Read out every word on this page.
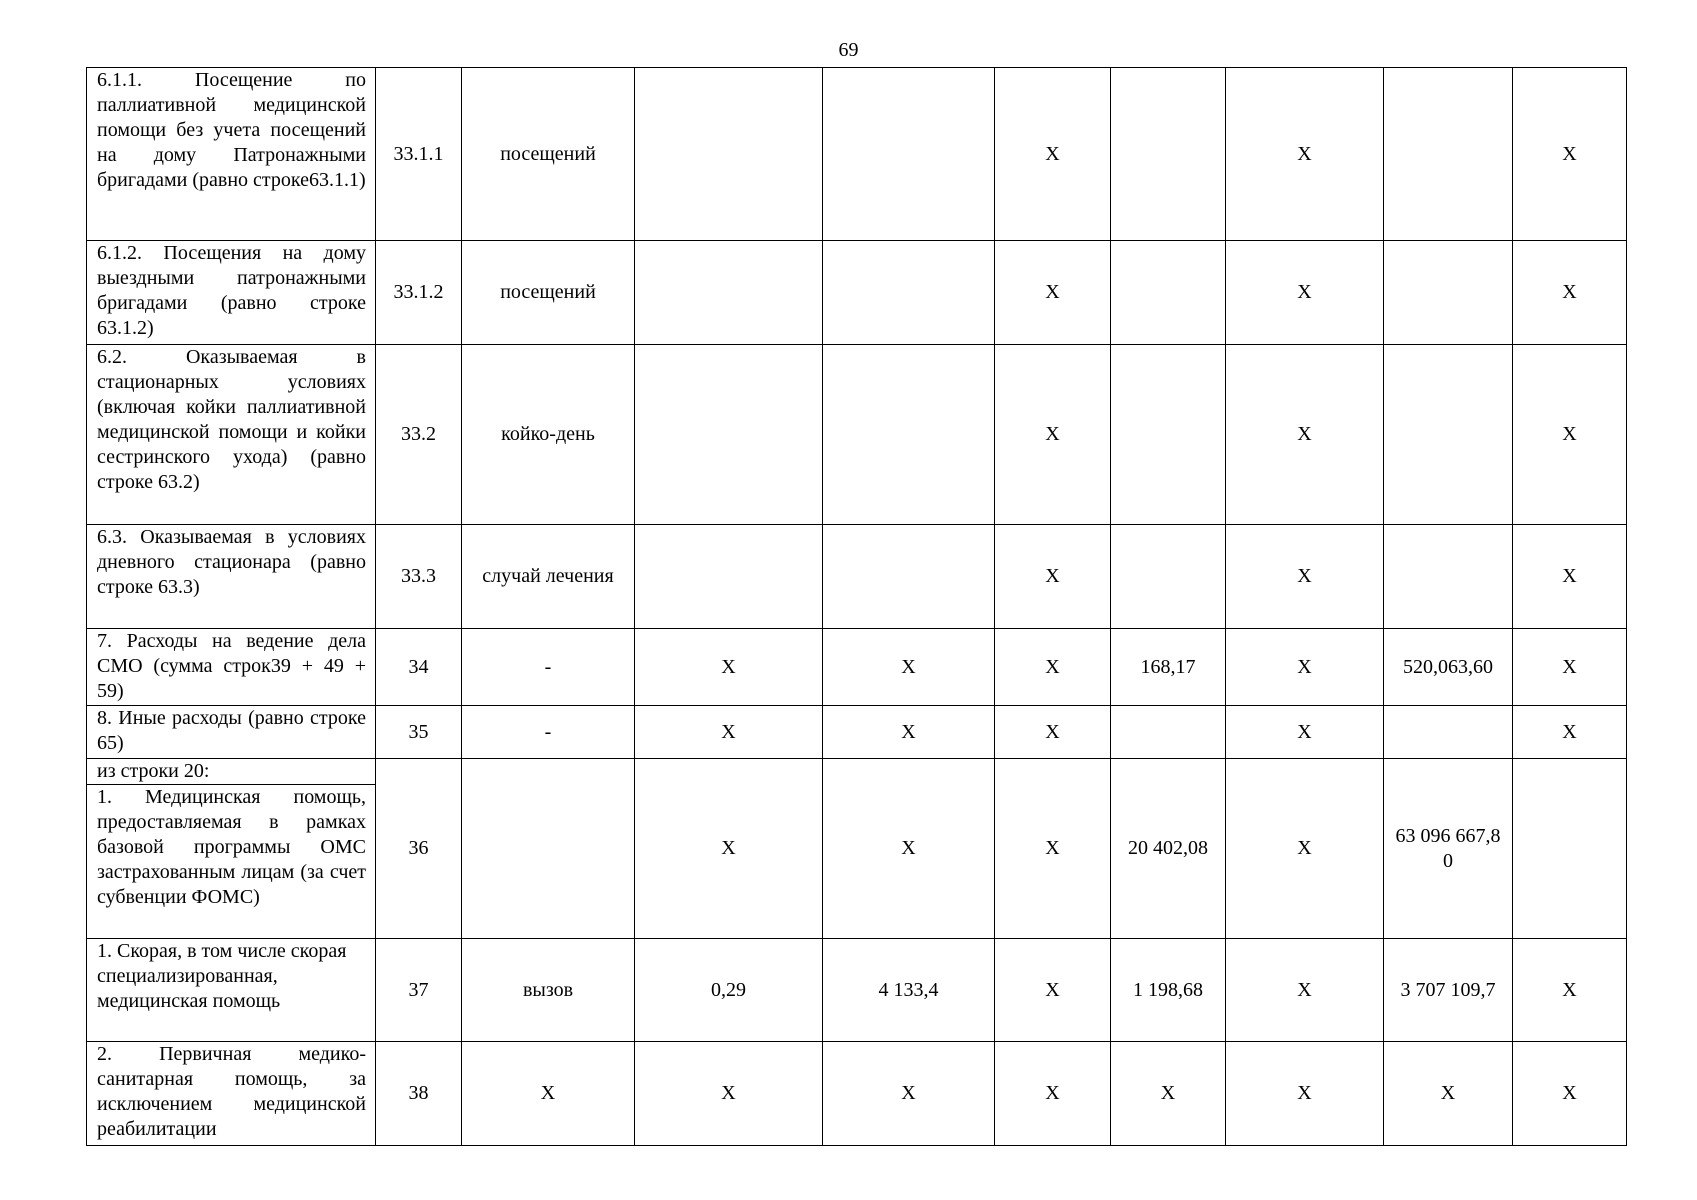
69
6.1.1. Посещение по паллиативной медицинской помощи без учета посещений на дому Патронажными бригадами (равно строке63.1.1)	33.1.1	посещений			X		X		X
6.1.2. Посещения на дому выездными патронажными бригадами (равно строке 63.1.2)	33.1.2	посещений			X		X		X
6.2. Оказываемая в стационарных условиях (включая койки паллиативной медицинской помощи и койки сестринского ухода) (равно строке 63.2)	33.2	койко-день			X		X		X
6.3. Оказываемая в условиях дневного стационара (равно строке 63.3)	33.3	случай лечения			X		X		X
7. Расходы на ведение дела СМО (сумма строк39 + 49 + 59)	34	-	X	X	X	168,17	X	520,063,60	X
8. Иные расходы (равно строке 65)	35	-	X	X	X		X		X

из строки 20:
1. Медицинская помощь, предоставляемая в рамках базовой программы ОМС застрахованным лицам (за счет субвенции ФОМС)	36		X	X	X	20 402,08	X	63 096 667,80	
1. Скорая, в том числе скорая специализированная, медицинская помощь	37	вызов	0,29	4 133,4	X	1 198,68	X	3 707 109,7	X
2. Первичная медико-санитарная помощь, за исключением медицинской реабилитации	38	X	X	X	X	X	X	X	X
